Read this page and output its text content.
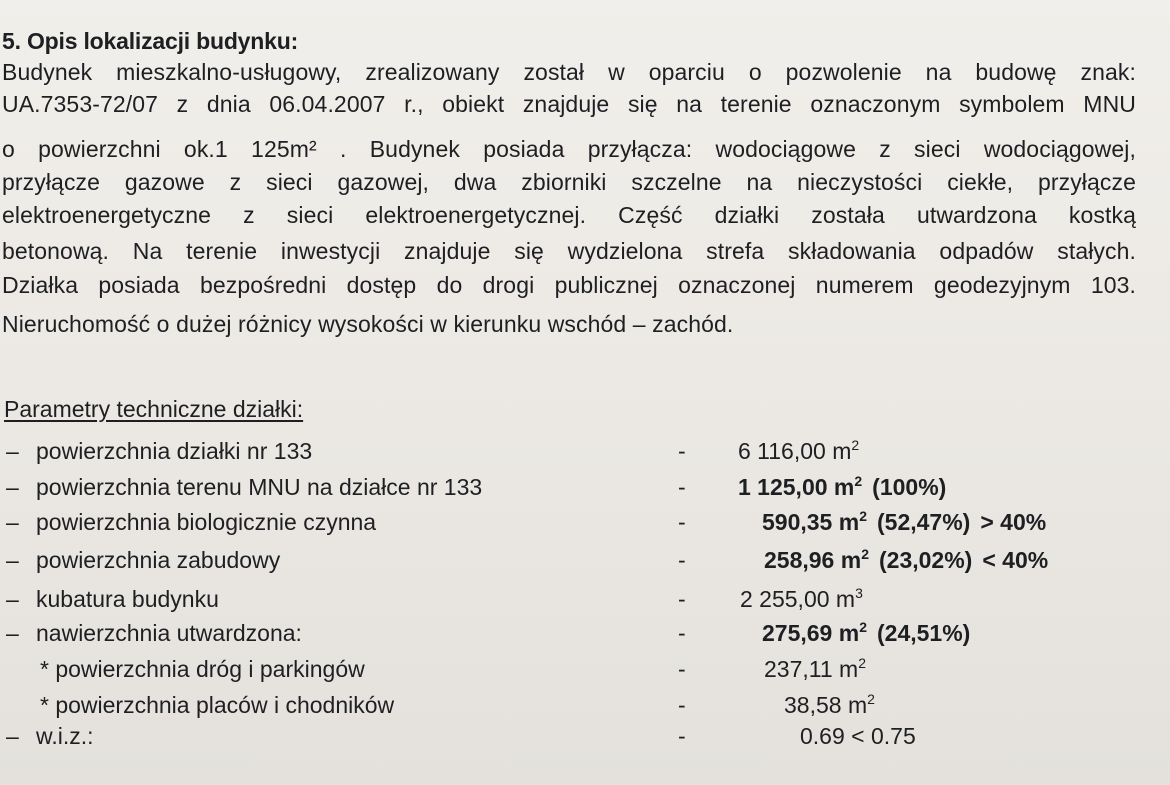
5. Opis lokalizacji budynku:
Budynek mieszkalno-usługowy, zrealizowany został w oparciu o pozwolenie na budowę znak:
UA.7353-72/07 z dnia 06.04.2007 r., obiekt znajduje się na terenie oznaczonym symbolem MNU
o powierzchni ok.1 125m² . Budynek posiada przyłącza: wodociągowe z sieci wodociągowej,
przyłącze gazowe z sieci gazowej, dwa zbiorniki szczelne na nieczystości ciekłe, przyłącze
elektroenergetyczne z sieci elektroenergetycznej. Część działki została utwardzona kostką
betonową. Na terenie inwestycji znajduje się wydzielona strefa składowania odpadów stałych.
Działka posiada bezpośredni dostęp do drogi publicznej oznaczonej numerem geodezyjnym 103.
Nieruchomość o dużej różnicy wysokości w kierunku wschód – zachód.
Parametry techniczne działki:
– powierzchnia działki nr 133	- 6 116,00 $m^2$
– powierzchnia terenu MNU na działce nr 133	- 1 125,00 $m^2$ (100%)
– powierzchnia biologicznie czynna	-	590,35 $m^2$ (52,47%) > 40%
– powierzchnia zabudowy	-	258,96 $m^2$ (23,02%) < 40%
– kubatura budynku	- 2 255,00 $m^3$
– nawierzchnia utwardzona:	-	275,69 $m^2$ (24,51%)
* powierzchnia dróg i parkingów	-	237,11 $m^2$
* powierzchnia placów i chodników	-	38,58 $m^2$
– w.i.z.:	-	0.69 < 0.75
